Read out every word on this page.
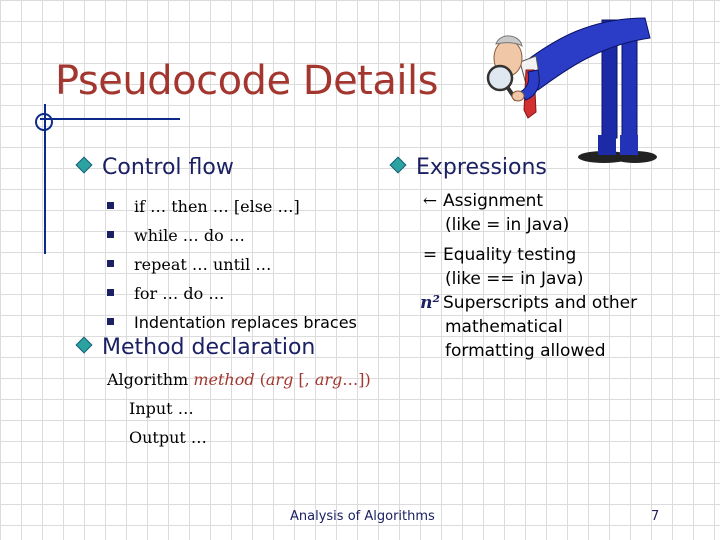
Pseudocode Details
Control flow
if … then … [else …]
while … do …
repeat … until …
for … do …
Indentation replaces braces
Method declaration
Algorithm method (arg [, arg…])
Input …
Output …
Expressions
← Assignment
(like = in Java)
= Equality testing
(like == in Java)
n² Superscripts and other
mathematical
formatting allowed
Analysis of Algorithms	7
